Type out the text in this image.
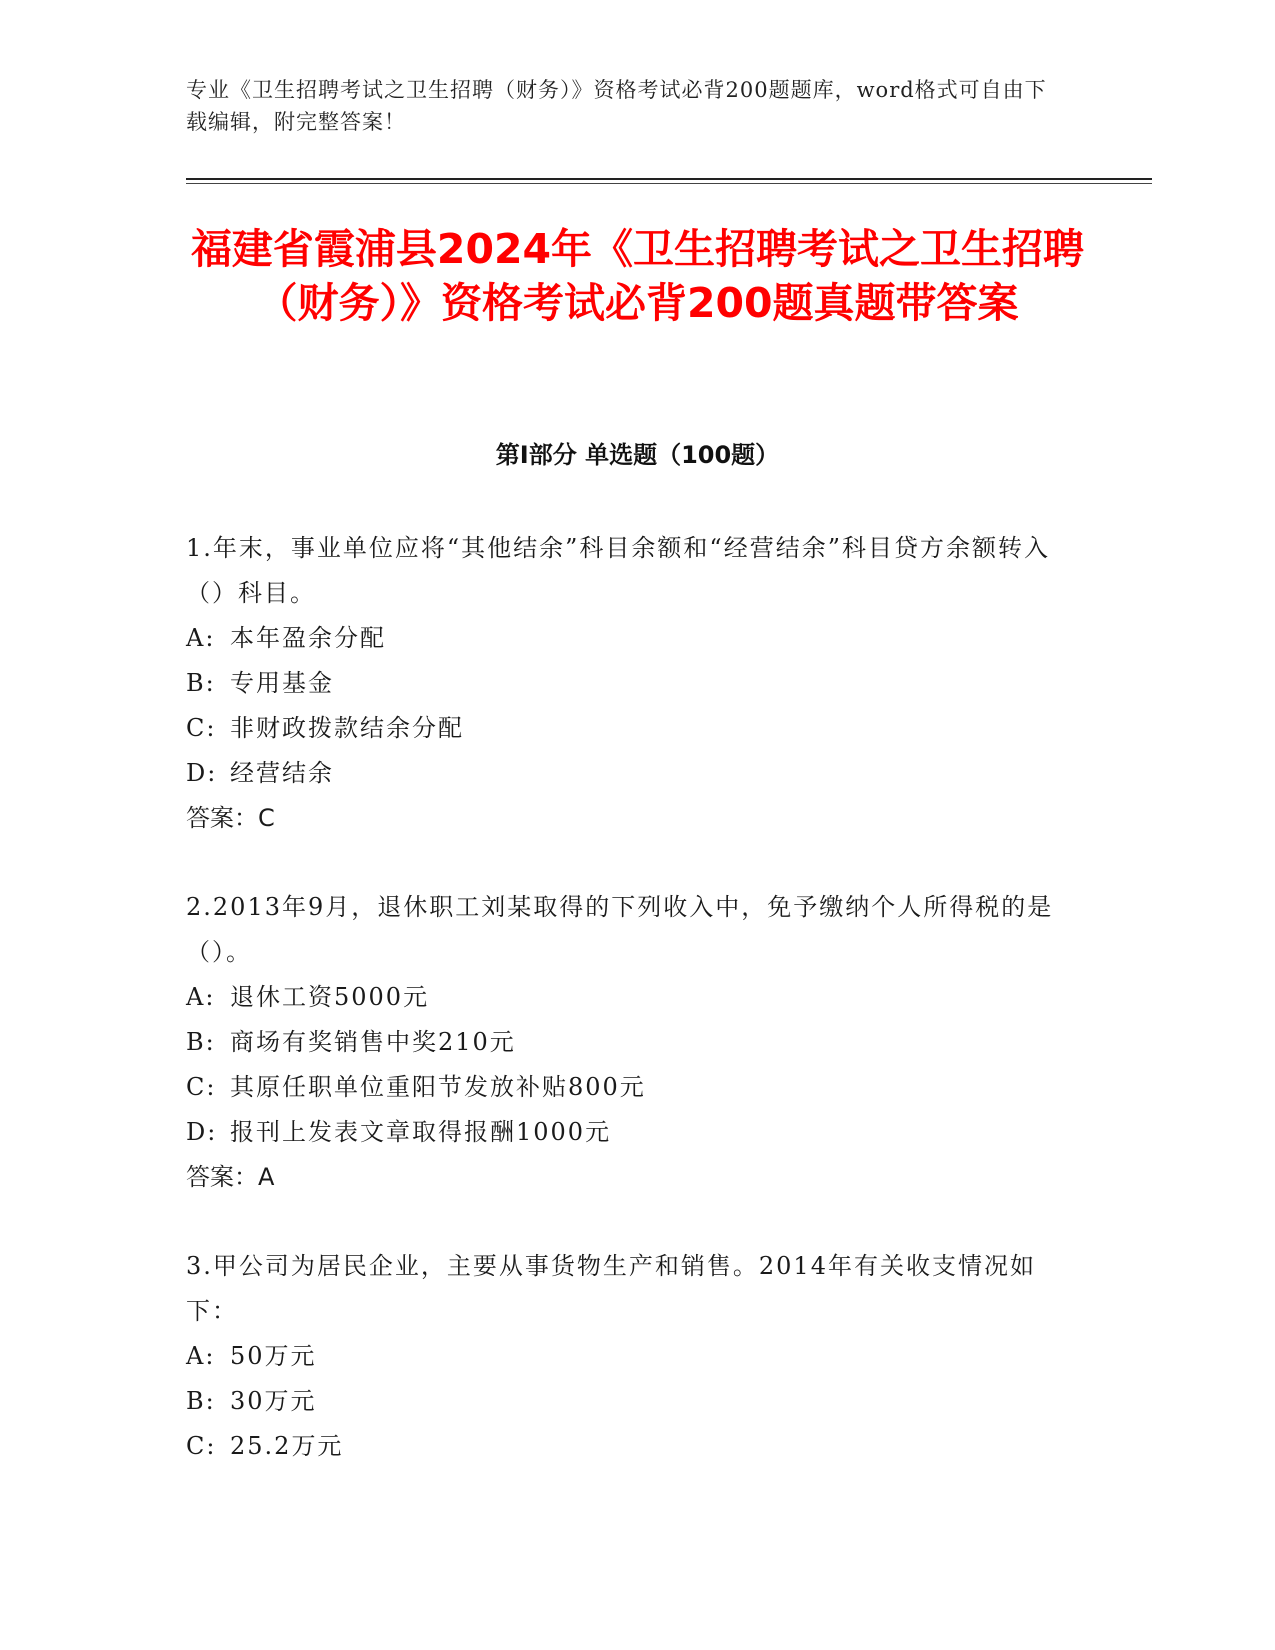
专业《卫生招聘考试之卫生招聘（财务）》资格考试必背200题题库，word格式可自由下载编辑，附完整答案！
福建省霞浦县2024年《卫生招聘考试之卫生招聘（财务）》资格考试必背200题真题带答案
第Ⅰ部分 单选题（100题）

1.年末，事业单位应将“其他结余”科目余额和“经营结余”科目贷方余额转入（）科目。

A: 本年盈余分配

B: 专用基金

C: 非财政拨款结余分配

D: 经营结余

答案：C

2.2013年9月，退休职工刘某取得的下列收入中，免予缴纳个人所得税的是（）。

A: 退休工资5000元

B: 商场有奖销售中奖210元

C: 其原任职单位重阳节发放补贴800元

D: 报刊上发表文章取得报酬1000元

答案：A

3.甲公司为居民企业，主要从事货物生产和销售。2014年有关收支情况如下：

A: 50万元

B: 30万元

C: 25.2万元
